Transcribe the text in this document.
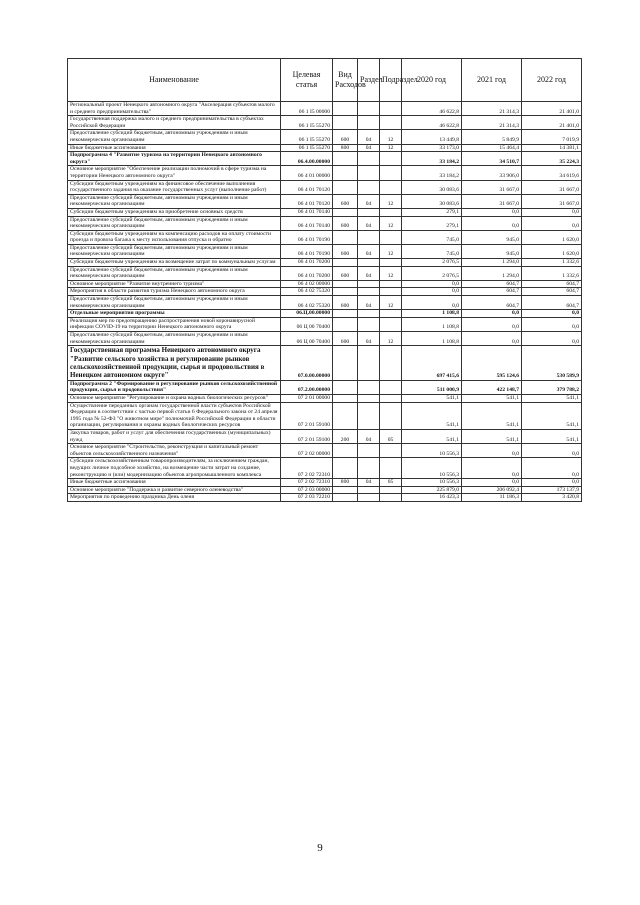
Наименование	Целевая статья	Вид Расходов	Раздел	Подраздел	2020 год	2021 год	2022 год
Региональный проект Ненецкого автономного округа "Акселерация субъектов малого и среднего предпринимательства"	06 1 I5 00000				46 622,8	21 314,3	21 401,0
Государственная поддержка малого и среднего предпринимательства в субъектах Российской Федерации	06 1 I5 55270				46 622,8	21 314,3	21 401,0
Предоставление субсидий бюджетным, автономным учреждениям и иным некоммерческим организациям	06 1 I5 55270	600	04	12	13 449,8	5 849,9	7 019,9
Иные бюджетные ассигнования	06 1 I5 55270	800	04	12	33 173,0	15 464,4	14 381,1
Подпрограмма 4 "Развитие туризма на территории Ненецкого автономного округа"	06.4.00.00000				33 184,2	34 510,7	35 224,3
Основное мероприятие "Обеспечение реализации полномочий в сфере туризма на территории Ненецкого автономного округа"	06 4 01 00000				33 184,2	33 906,0	34 619,6
Субсидии бюджетным учреждениям на финансовое обеспечение выполнения государственного задания на оказание государственных услуг (выполнение работ)	06 4 01 70120				30 083,6	31 667,0	31 667,0
Предоставление субсидий бюджетным, автономным учреждениям и иным некоммерческим организациям	06 4 01 70120	600	04	12	30 083,6	31 667,0	31 667,0
Субсидии бюджетным учреждениям на приобретение основных средств	06 4 01 70140				279,1	0,0	0,0
Предоставление субсидий бюджетным, автономным учреждениям и иным некоммерческим организациям	06 4 01 70140	600	04	12	279,1	0,0	0,0
Субсидии бюджетным учреждениям на компенсацию расходов на оплату стоимости проезда и провоза багажа к месту использования отпуска и обратно	06 4 01 70190				745,0	945,0	1 620,0
Предоставление субсидий бюджетным, автономным учреждениям и иным некоммерческим организациям	06 4 01 70190	600	04	12	745,0	945,0	1 620,0
Субсидии бюджетным учреждениям на возмещение затрат по коммунальным услугам	06 4 01 70200				2 076,5	1 294,0	1 332,6
Предоставление субсидий бюджетным, автономным учреждениям и иным некоммерческим организациям	06 4 01 70200	600	04	12	2 076,5	1 294,0	1 332,6
Основное мероприятие "Развитие внутреннего туризма"	06 4 02 00000				0,0	604,7	604,7
Мероприятия в области развития туризма Ненецкого автономного округа	06 4 02 75320				0,0	604,7	604,7
Предоставление субсидий бюджетным, автономным учреждениям и иным некоммерческим организациям	06 4 02 75320	600	04	12	0,0	604,7	604,7
Отдельные мероприятия программы	06.Ц.00.00000				1 108,8	0,0	0,0
Реализация мер по предотвращению распространения новой коронавирусной инфекции COVID-19 на территории Ненецкого автономного округа	06 Ц 00 70400				1 108,8	0,0	0,0
Предоставление субсидий бюджетным, автономным учреждениям и иным некоммерческим организациям	06 Ц 00 70400	600	04	12	1 108,8	0,0	0,0
Государственная программа Ненецкого автономного округа "Развитие сельского хозяйства и регулирование рынков сельскохозяйственной продукции, сырья и продовольствия в Ненецком автономном округе"	07.0.00.00000				697 415,6	595 124,6	530 589,9
Подпрограмма 2 "Формирование и регулирование рынков сельскохозяйственной продукции, сырья и продовольствия"	07.2.00.00000				511 000,9	422 148,7	379 788,2
Основное мероприятие "Регулирование и охрана водных биологических ресурсов"	07 2 01 00000				541,1	541,1	541,1
Осуществление переданных органам государственной власти субъектов Российской Федерации в соответствии с частью первой статьи 6 Федерального закона от 24 апреля 1995 года № 52-ФЗ "О животном мире" полномочий Российской Федерации в области организации, регулирования и охраны водных биологических ресурсов	07 2 01 59100				541,1	541,1	541,1
Закупка товаров, работ и услуг для обеспечения государственных (муниципальных) нужд	07 2 01 59100	200	04	05	541,1	541,1	541,1
Основное мероприятие "Строительство, реконструкция и капитальный ремонт объектов сельскохозяйственного назначения"	07 2 02 00000				10 556,3	0,0	0,0
Субсидии сельскохозяйственным товаропроизводителям, за исключением граждан, ведущих личное подсобное хозяйство, на возмещение части затрат на создание, реконструкцию и (или) модернизацию объектов агропромышленного комплекса	07 2 02 72310				10 556,3	0,0	0,0
Иные бюджетные ассигнования	07 2 02 72310	800	04	05	10 556,3	0,0	0,0
Основное мероприятие "Поддержка и развитие северного оленеводства"	07 2 03 00000				225 879,0	206 092,4	173 137,9
Мероприятия по проведению праздника День оленя	07 2 03 72210				16 423,3	11 186,3	3 420,8
9
